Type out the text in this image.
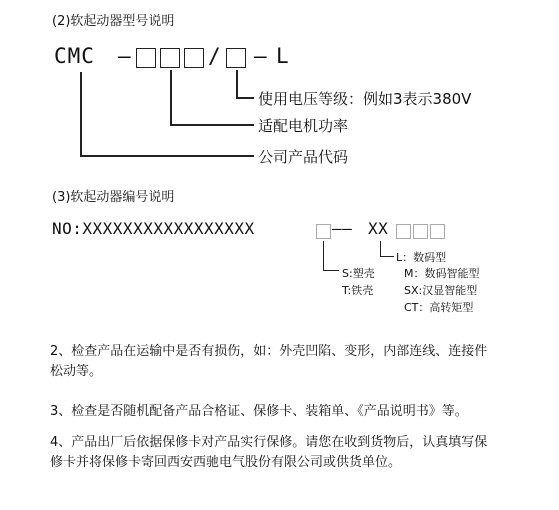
(2)软起动器型号说明
CMC –	/ – L
使用电压等级：例如3表示380V
适配电机功率
公司产品代码
(3)软起动器编号说明
NO:XXXXXXXXXXXXXXXXX	—— XX
L：数码型
S:塑壳	M：数码智能型
T:铁壳	SX:汉显智能型
CT：高转矩型
2、检查产品在运输中是否有损伤，如：外壳凹陷、变形，内部连线、连接件松动等。
3、检查是否随机配备产品合格证、保修卡、装箱单、《产品说明书》等。
4、产品出厂后依据保修卡对产品实行保修。请您在收到货物后，认真填写保修卡并将保修卡寄回西安西驰电气股份有限公司或供货单位。
